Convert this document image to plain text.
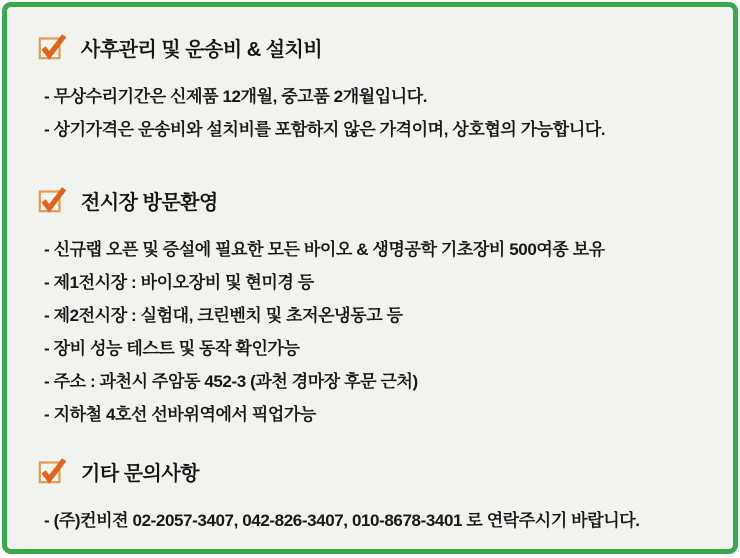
사후관리 및 운송비 & 설치비
- 무상수리기간은 신제품 12개월, 중고품 2개월입니다.
- 상기가격은 운송비와 설치비를 포함하지 않은 가격이며, 상호협의 가능합니다.
전시장 방문환영
- 신규랩 오픈 및 증설에 필요한 모든 바이오 & 생명공학 기초장비 500여종 보유
- 제1전시장 : 바이오장비 및 현미경 등
- 제2전시장 : 실험대, 크린벤치 및 초저온냉동고 등
- 장비 성능 테스트 및 동작 확인가능
- 주소 : 과천시 주암동 452-3 (과천 경마장 후문 근처)
- 지하철 4호선 선바위역에서 픽업가능
기타 문의사항
- (주)컨비젼 02-2057-3407, 042-826-3407, 010-8678-3401 로 연락주시기 바랍니다.
